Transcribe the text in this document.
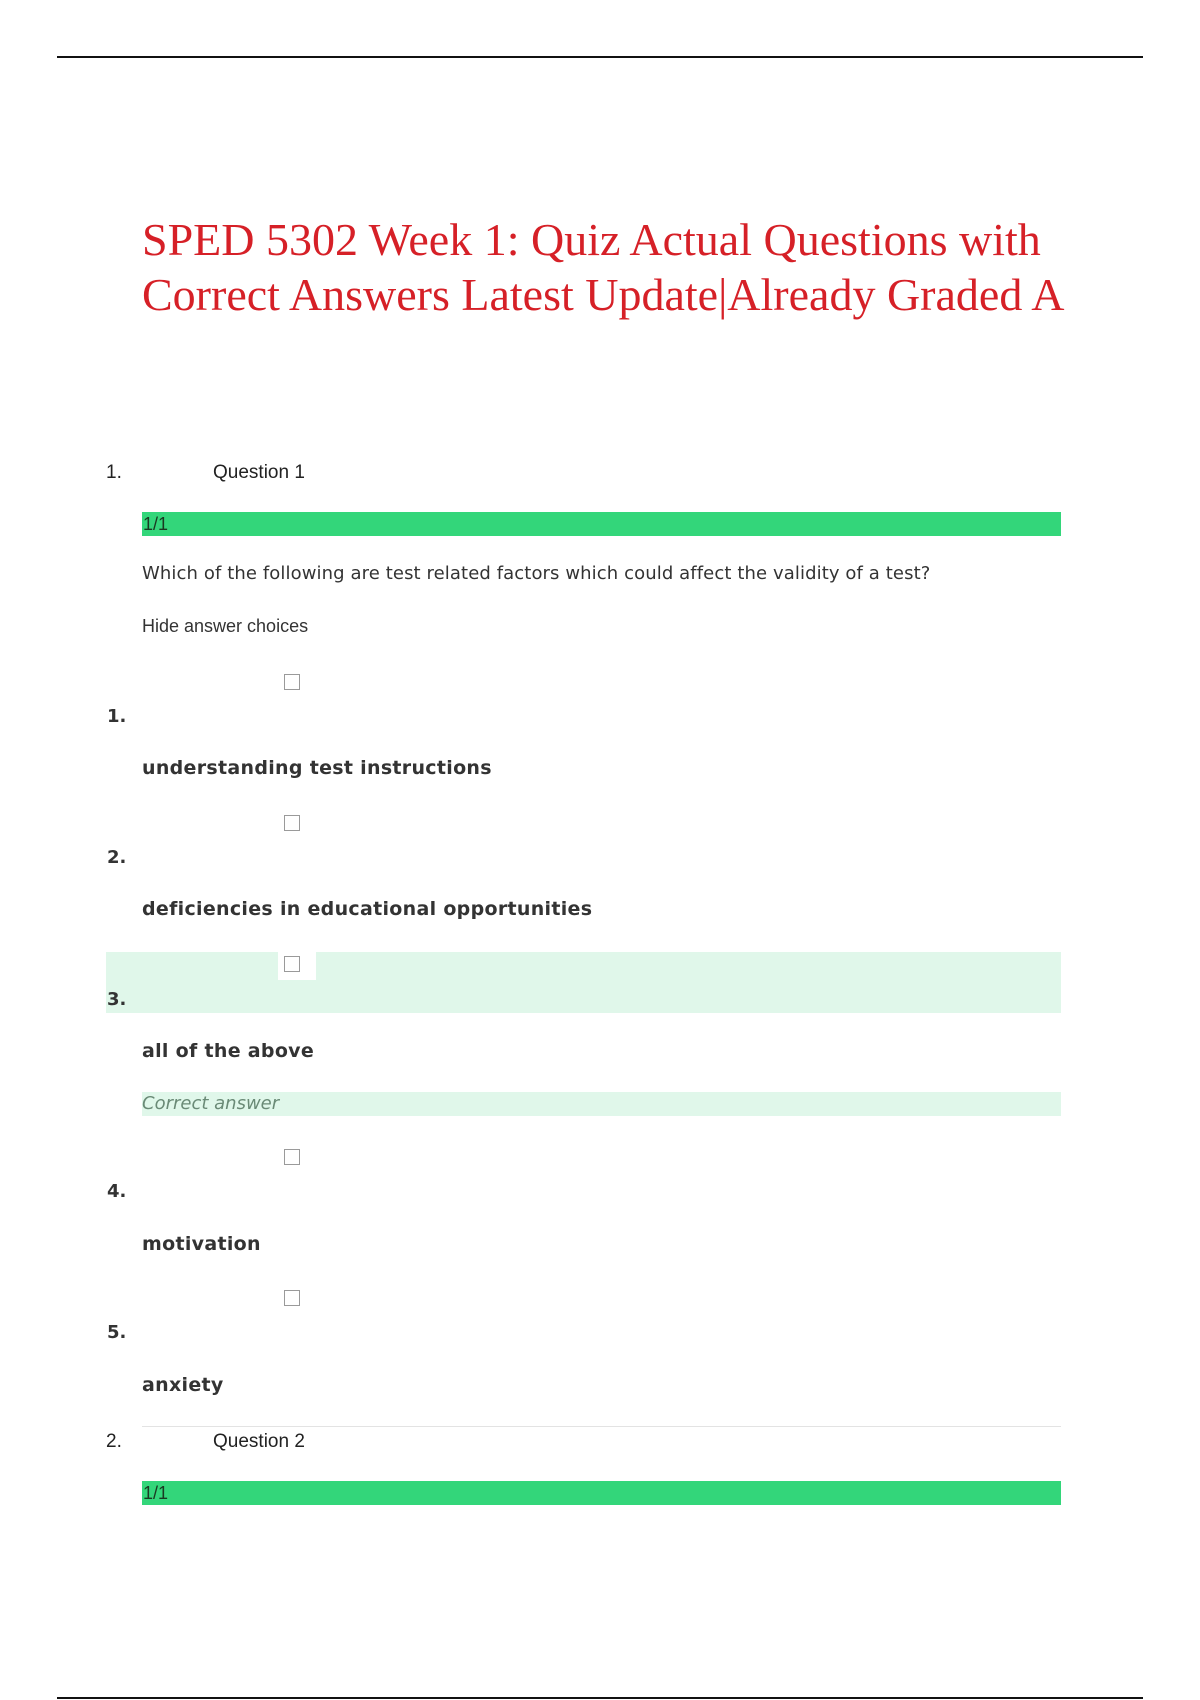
SPED 5302 Week 1: Quiz Actual Questions with Correct Answers Latest Update|Already Graded A
1.	Question 1
1/1
Which of the following are test related factors which could affect the validity of a test?
Hide answer choices
1.
understanding test instructions
2.
deficiencies in educational opportunities
3.
all of the above
Correct answer
4.
motivation
5.
anxiety
2.	Question 2
1/1
